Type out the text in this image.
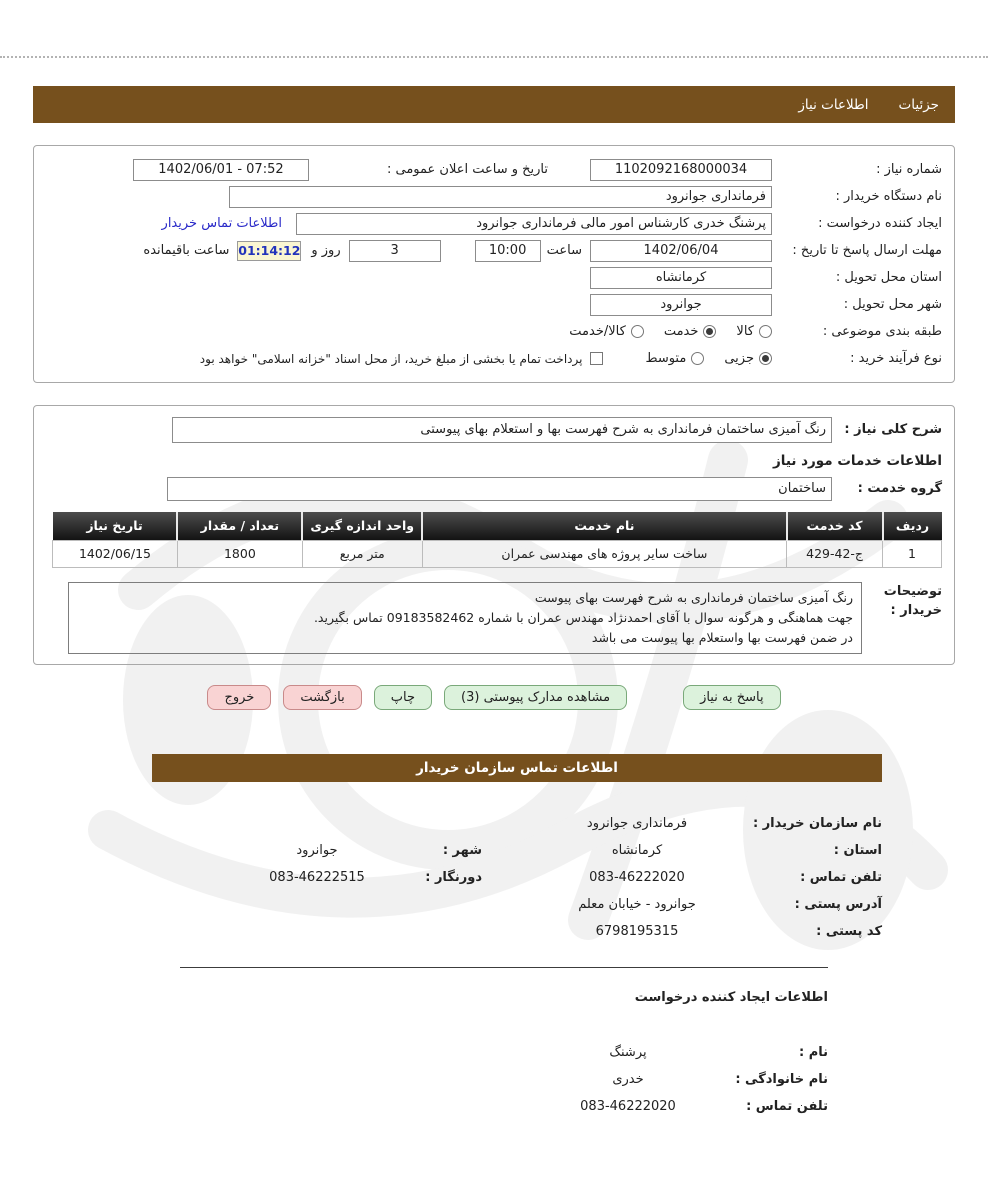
جزئیات
اطلاعات نیاز
شماره نیاز :
1102092168000034
تاریخ و ساعت اعلان عمومی :
1402/06/01 - 07:52
نام دستگاه خریدار :
فرمانداری جوانرود
ایجاد کننده درخواست :
پرشنگ خدری کارشناس امور مالی فرمانداری جوانرود
اطلاعات تماس خریدار
مهلت ارسال پاسخ تا تاریخ :
1402/06/04
ساعت
10:00
3
روز و
01:14:12
ساعت باقیمانده
استان محل تحویل :
کرمانشاه
شهر محل تحویل :
جوانرود
طبقه بندی موضوعی :
کالا
خدمت
کالا/خدمت
نوع فرآیند خرید :
جزیی
متوسط
پرداخت تمام یا بخشی از مبلغ خرید، از محل اسناد "خزانه اسلامی" خواهد بود
شرح کلی نیاز :
رنگ آمیزی ساختمان فرمانداری به شرح فهرست بها و استعلام بهای پیوستی
اطلاعات خدمات مورد نیاز
گروه خدمت :
ساختمان
ردیف	کد خدمت	نام خدمت	واحد اندازه گیری	تعداد / مقدار	تاریخ نیاز
1	ج-42-429	ساخت سایر پروژه های مهندسی عمران	متر مربع	1800	1402/06/15
توضیحات خریدار :
رنگ آمیزی ساختمان فرمانداری به شرح فهرست بهای پیوست
جهت هماهنگی و هرگونه سوال با آقای احمدنژاد مهندس عمران با شماره 09183582462 تماس بگیرید.
در ضمن فهرست بها واستعلام بها پیوست می باشد
پاسخ به نیاز
مشاهده مدارک پیوستی (3)
چاپ
بازگشت
خروج
اطلاعات تماس سازمان خریدار
نام سازمان خریدار :
فرمانداری جوانرود
استان :
کرمانشاه
شهر :
جوانرود
تلفن تماس :
083-46222020
دورنگار :
083-46222515
آدرس پستی :
جوانرود - خیابان معلم
کد پستی :
6798195315
اطلاعات ایجاد کننده درخواست
نام :
پرشنگ
نام خانوادگی :
خدری
تلفن تماس :
083-46222020
